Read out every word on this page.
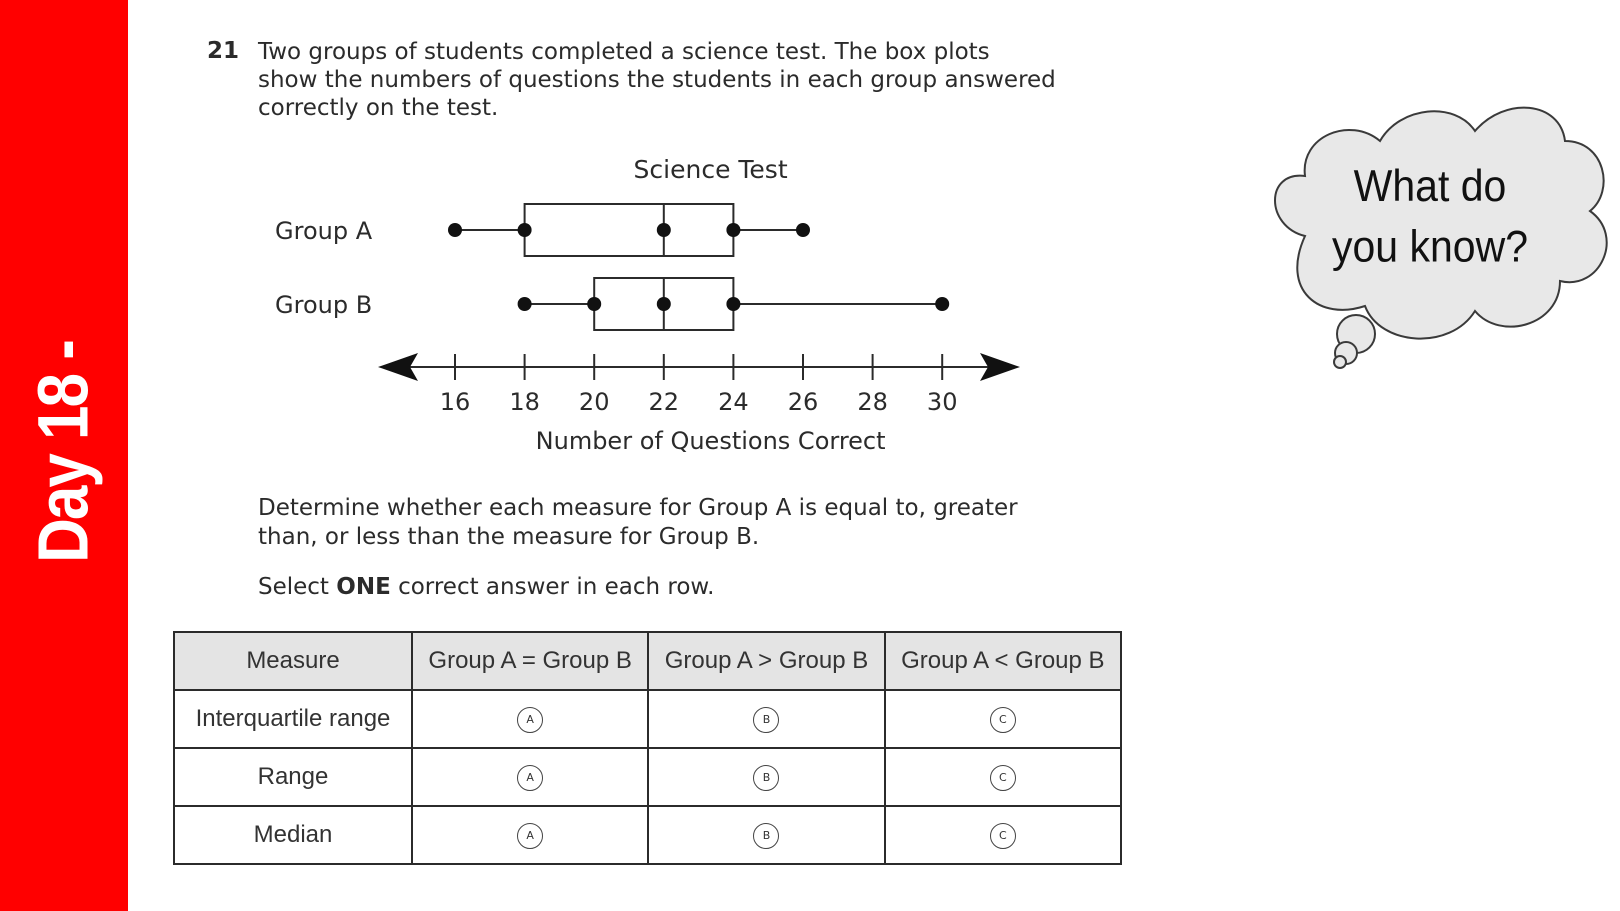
Day 18 -
21 Two groups of students completed a science test. The box plots
show the numbers of questions the students in each group answered
correctly on the test.
Science Test
16 18 20 22 24 26 28 30
Number of Questions Correct
Group A
Group B
Determine whether each measure for Group A is equal to, greater
than, or less than the measure for Group B.
Select ONE correct answer in each row.
Measure	Group A = Group B	Group A > Group B	Group A < Group B
Interquartile range	A	B	C
Range	A	B	C
Median	A	B	C
What do
you know?
